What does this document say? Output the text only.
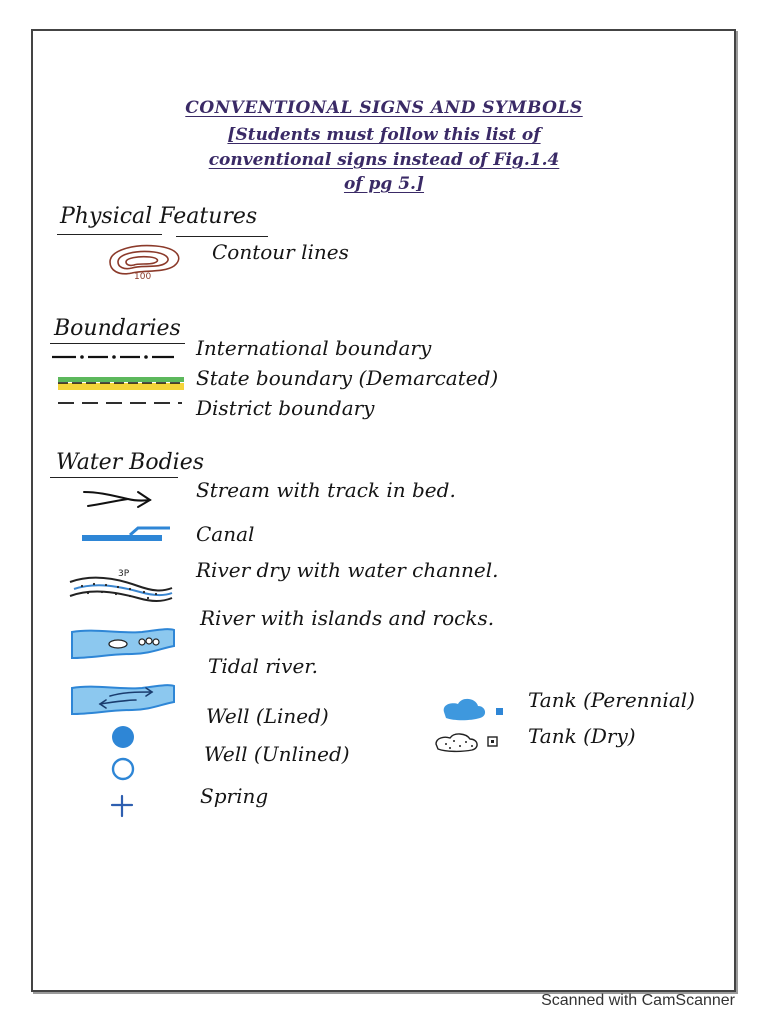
CONVENTIONAL SIGNS AND SYMBOLS
[Students must follow this list of
conventional signs instead of Fig.1.4
of pg 5.]
Physical Features
100
Contour lines
Boundaries
International boundary
State boundary (Demarcated)
District boundary
Water Bodies
Stream with track in bed.
Canal
3P	River dry with water channel.
River with islands and rocks.
Tidal river.
Well (Lined)
Well (Unlined)
Spring
Tank (Perennial)
Tank (Dry)
Scanned with CamScanner
